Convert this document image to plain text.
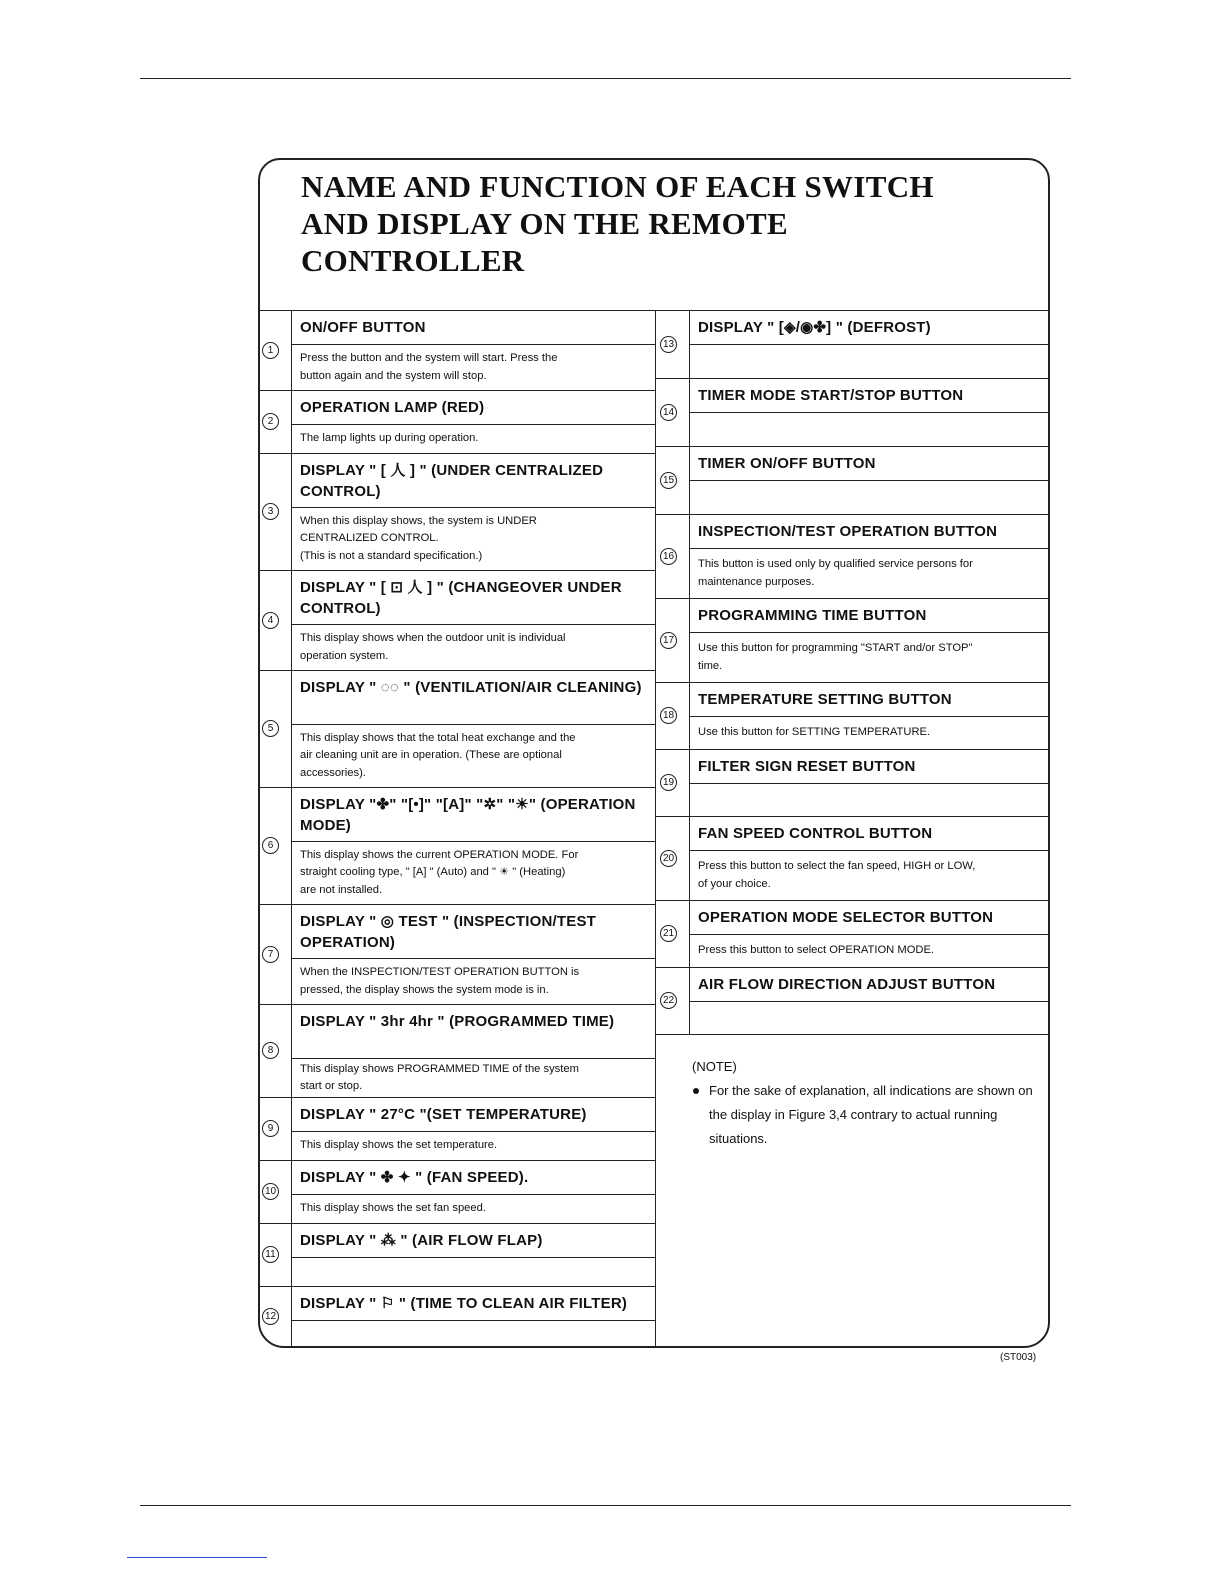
NAME AND FUNCTION OF EACH SWITCH
AND DISPLAY ON THE REMOTE
CONTROLLER
1
ON/OFF BUTTON
Press the button and the system will start. Press the
button again and the system will stop.
2
OPERATION LAMP (RED)
The lamp lights up during operation.
3
DISPLAY " [ 人 ] " (UNDER CENTRALIZED CONTROL)
When this display shows, the system is UNDER
CENTRALIZED CONTROL.
(This is not a standard specification.)
4
DISPLAY " [ ⊡ 人 ] " (CHANGEOVER UNDER CONTROL)
This display shows when the outdoor unit is individual
operation system.
5
DISPLAY " ◌◌ " (VENTILATION/AIR CLEANING)
This display shows that the total heat exchange and the
air cleaning unit are in operation. (These are optional
accessories).
6
DISPLAY "✤" "[•]" "[A]" "✲" "☀" (OPERATION MODE)
This display shows the current OPERATION MODE. For
straight cooling type, " [A] " (Auto) and " ☀ " (Heating)
are not installed.
7
DISPLAY " ◎ TEST " (INSPECTION/TEST OPERATION)
When the INSPECTION/TEST OPERATION BUTTON is
pressed, the display shows the system mode is in.
8
DISPLAY " 3hr 4hr " (PROGRAMMED TIME)
This display shows PROGRAMMED TIME of the system
start or stop.
9
DISPLAY " 27°C "(SET TEMPERATURE)
This display shows the set temperature.
10
DISPLAY " ✤ ✦ " (FAN SPEED).
This display shows the set fan speed.
11
DISPLAY " ⁂ " (AIR FLOW FLAP)
12
DISPLAY " ⚐ " (TIME TO CLEAN AIR FILTER)
13
DISPLAY " [◈/◉✤] " (DEFROST)
14
TIMER MODE START/STOP BUTTON
15
TIMER ON/OFF BUTTON
16
INSPECTION/TEST OPERATION BUTTON
This button is used only by qualified service persons for
maintenance purposes.
17
PROGRAMMING TIME BUTTON
Use this button for programming "START and/or STOP"
time.
18
TEMPERATURE SETTING BUTTON
Use this button for SETTING TEMPERATURE.
19
FILTER SIGN RESET BUTTON
20
FAN SPEED CONTROL BUTTON
Press this button to select the fan speed, HIGH or LOW,
of your choice.
21
OPERATION MODE SELECTOR BUTTON
Press this button to select OPERATION MODE.
22
AIR FLOW DIRECTION ADJUST BUTTON
(NOTE)
For the sake of explanation, all indications are shown on the display in Figure 3,4 contrary to actual running situations.
(ST003)
